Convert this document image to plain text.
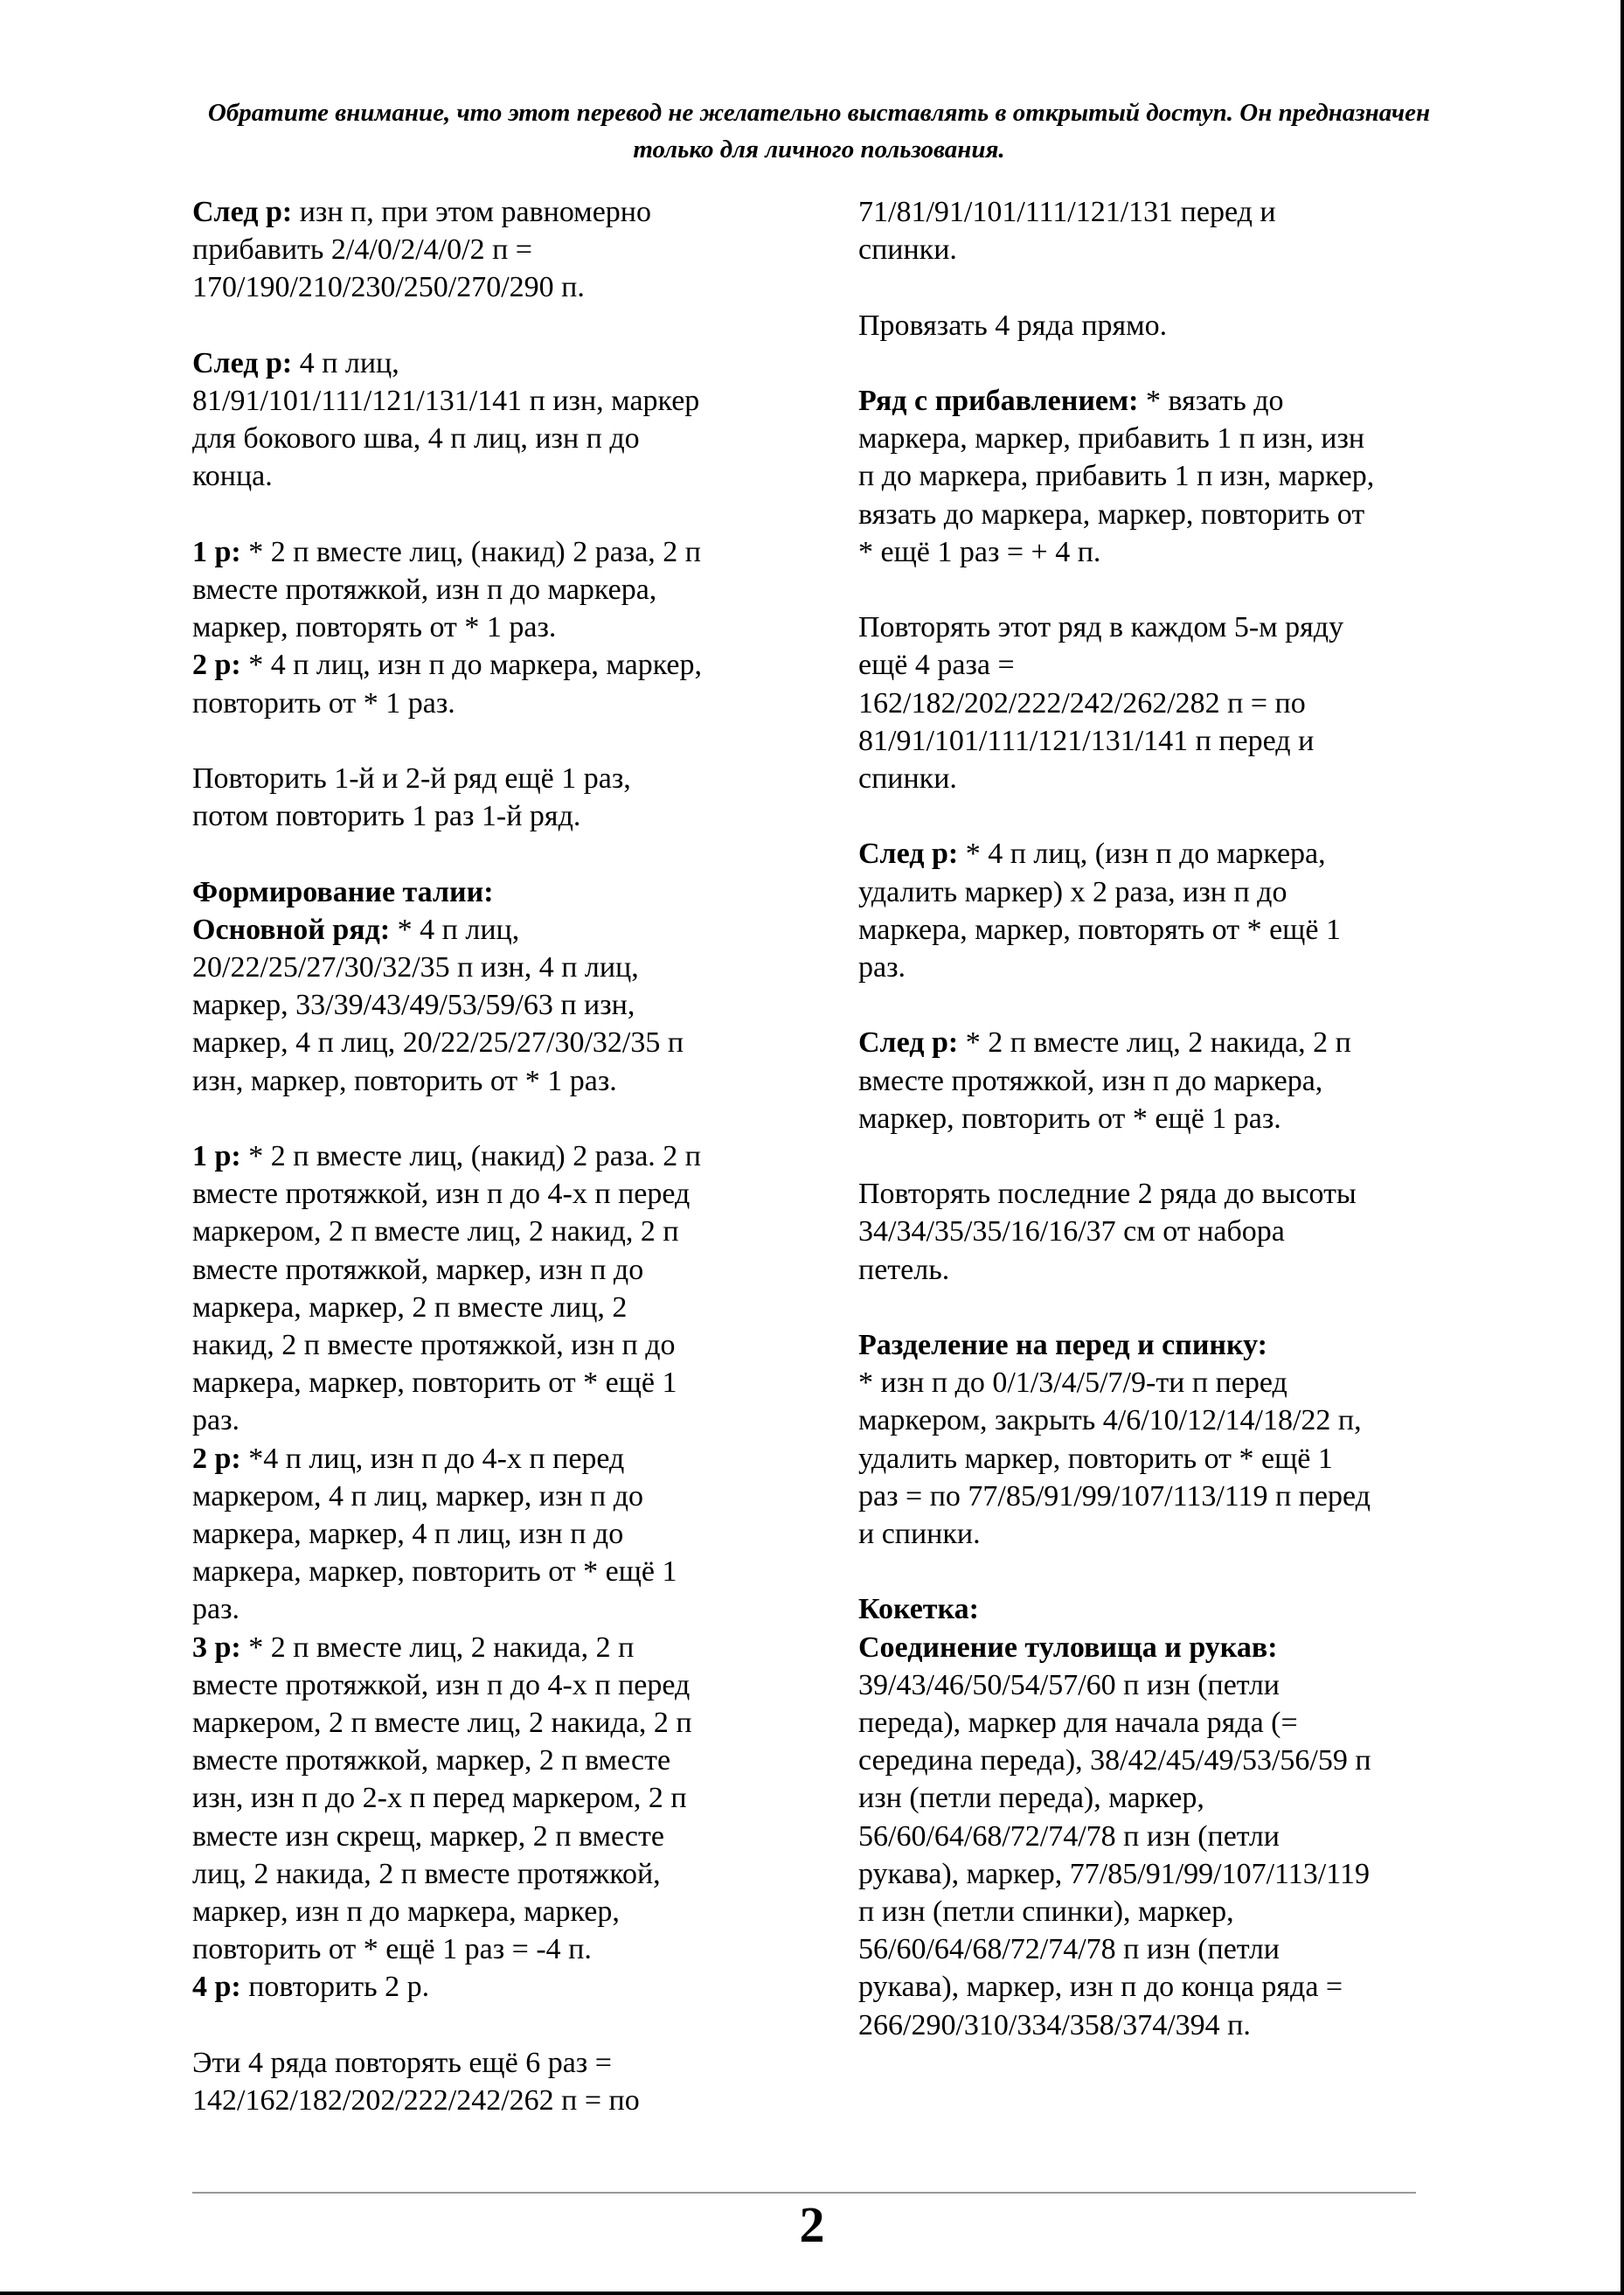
Обратите внимание, что этот перевод не желательно выставлять в открытый доступ. Он предназначен только для личного пользования.
След р: изн п, при этом равномерно
прибавить 2/4/0/2/4/0/2 п =
170/190/210/230/250/270/290 п.
След р: 4 п лиц,
81/91/101/111/121/131/141 п изн, маркер
для бокового шва, 4 п лиц, изн п до
конца.
1 р: * 2 п вместе лиц, (накид) 2 раза, 2 п
вместе протяжкой, изн п до маркера,
маркер, повторять от * 1 раз.
2 р: * 4 п лиц, изн п до маркера, маркер,
повторить от * 1 раз.
Повторить 1-й и 2-й ряд ещё 1 раз,
потом повторить 1 раз 1-й ряд.
Формирование талии:
Основной ряд: * 4 п лиц,
20/22/25/27/30/32/35 п изн, 4 п лиц,
маркер, 33/39/43/49/53/59/63 п изн,
маркер, 4 п лиц, 20/22/25/27/30/32/35 п
изн, маркер, повторить от * 1 раз.
1 р: * 2 п вместе лиц, (накид) 2 раза. 2 п
вместе протяжкой, изн п до 4-х п перед
маркером, 2 п вместе лиц, 2 накид, 2 п
вместе протяжкой, маркер, изн п до
маркера, маркер, 2 п вместе лиц, 2
накид, 2 п вместе протяжкой, изн п до
маркера, маркер, повторить от * ещё 1
раз.
2 р: *4 п лиц, изн п до 4-х п перед
маркером, 4 п лиц, маркер, изн п до
маркера, маркер, 4 п лиц, изн п до
маркера, маркер, повторить от * ещё 1
раз.
3 р: * 2 п вместе лиц, 2 накида, 2 п
вместе протяжкой, изн п до 4-х п перед
маркером, 2 п вместе лиц, 2 накида, 2 п
вместе протяжкой, маркер, 2 п вместе
изн, изн п до 2-х п перед маркером, 2 п
вместе изн скрещ, маркер, 2 п вместе
лиц, 2 накида, 2 п вместе протяжкой,
маркер, изн п до маркера, маркер,
повторить от * ещё 1 раз = -4 п.
4 р: повторить 2 р.
Эти 4 ряда повторять ещё 6 раз =
142/162/182/202/222/242/262 п = по
71/81/91/101/111/121/131 перед и
спинки.
Провязать 4 ряда прямо.
Ряд с прибавлением: * вязать до
маркера, маркер, прибавить 1 п изн, изн
п до маркера, прибавить 1 п изн, маркер,
вязать до маркера, маркер, повторить от
* ещё 1 раз = + 4 п.
Повторять этот ряд в каждом 5-м ряду
ещё 4 раза =
162/182/202/222/242/262/282 п = по
81/91/101/111/121/131/141 п перед и
спинки.
След р: * 4 п лиц, (изн п до маркера,
удалить маркер) х 2 раза, изн п до
маркера, маркер, повторять от * ещё 1
раз.
След р: * 2 п вместе лиц, 2 накида, 2 п
вместе протяжкой, изн п до маркера,
маркер, повторить от * ещё 1 раз.
Повторять последние 2 ряда до высоты
34/34/35/35/16/16/37 см от набора
петель.
Разделение на перед и спинку:
* изн п до 0/1/3/4/5/7/9-ти п перед
маркером, закрыть 4/6/10/12/14/18/22 п,
удалить маркер, повторить от * ещё 1
раз = по 77/85/91/99/107/113/119 п перед
и спинки.
Кокетка:
Соединение туловища и рукав:
39/43/46/50/54/57/60 п изн (петли
переда), маркер для начала ряда (=
середина переда), 38/42/45/49/53/56/59 п
изн (петли переда), маркер,
56/60/64/68/72/74/78 п изн (петли
рукава), маркер, 77/85/91/99/107/113/119
п изн (петли спинки), маркер,
56/60/64/68/72/74/78 п изн (петли
рукава), маркер, изн п до конца ряда =
266/290/310/334/358/374/394 п.
2
